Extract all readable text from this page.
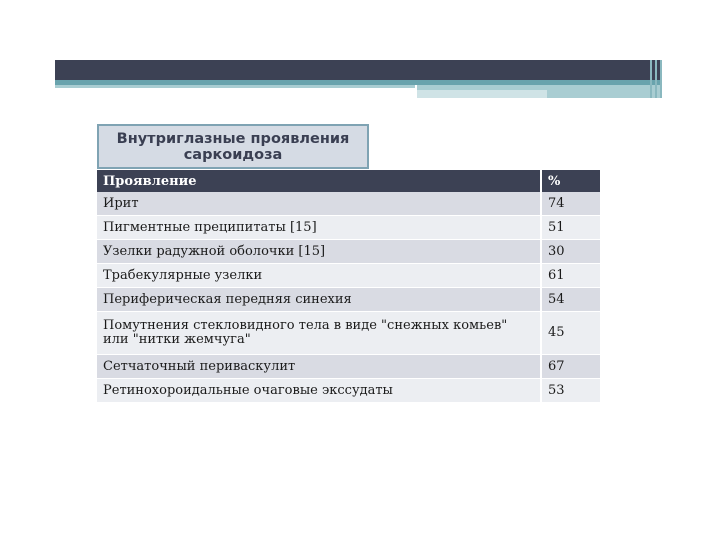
Внутриглазные проявления
саркоидоза
Проявление	%
Ирит	74
Пигментные преципитаты [15]	51
Узелки радужной оболочки [15]	30
Трабекулярные узелки	61
Периферическая передняя синехия	54
Помутнения стекловидного тела в виде "снежных комьев" или "нитки жемчуга"	45
Сетчаточный периваскулит	67
Ретинохороидальные очаговые экссудаты	53
